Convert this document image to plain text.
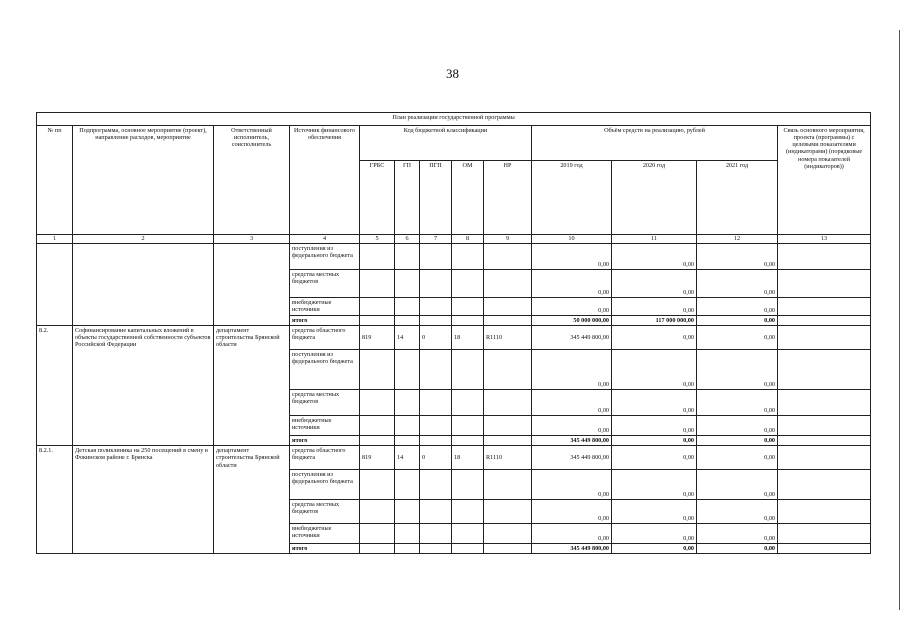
38
План реализации государственной программы												
№ пп	Подпрограмма, основное мероприятие (проект), направление расходов, мероприятие	Ответственный исполнитель, соисполнитель	Источник финансового обеспечения	Код бюджетной классификации					Объём средств на реализацию, рублей			Связь основного мероприятия, проекта (программы) с целевыми показателями (индикаторами) (порядковые номера показателей (индикаторов))
				ГРБС	ГП	ПГП	ОМ	НР	2019 год	2020 год	2021 год	
1	2	3	4	5	6	7	8	9	10	11	12	13
			поступления из федерального бюджета						0,00	0,00	0,00	
			средства местных бюджетов						0,00	0,00	0,00	
			внебюджетные источники						0,00	0,00	0,00	
			итого						50 000 000,00	117 000 000,00	0,00	
8.2.	Софинансирование капитальных вложений в объекты государственной собственности субъектов Российской Федерации	департамент строительства Брянской области	средства областного бюджета	819	14	0	18	R1110	345 449 800,00	0,00	0,00	
			поступления из федерального бюджета						0,00	0,00	0,00	
			средства местных бюджетов						0,00	0,00	0,00	
			внебюджетные источники						0,00	0,00	0,00	
			итого						345 449 800,00	0,00	0,00	
8.2.1.	Детская поликлиника на 250 посещений в смену в Фокинском районе г. Брянска	департамент строительства Брянской области	средства областного бюджета	819	14	0	18	R1110	345 449 800,00	0,00	0,00	
			поступления из федерального бюджета						0,00	0,00	0,00	
			средства местных бюджетов						0,00	0,00	0,00	
			внебюджетные источники						0,00	0,00	0,00	
			итого						345 449 800,00	0,00	0,00	
